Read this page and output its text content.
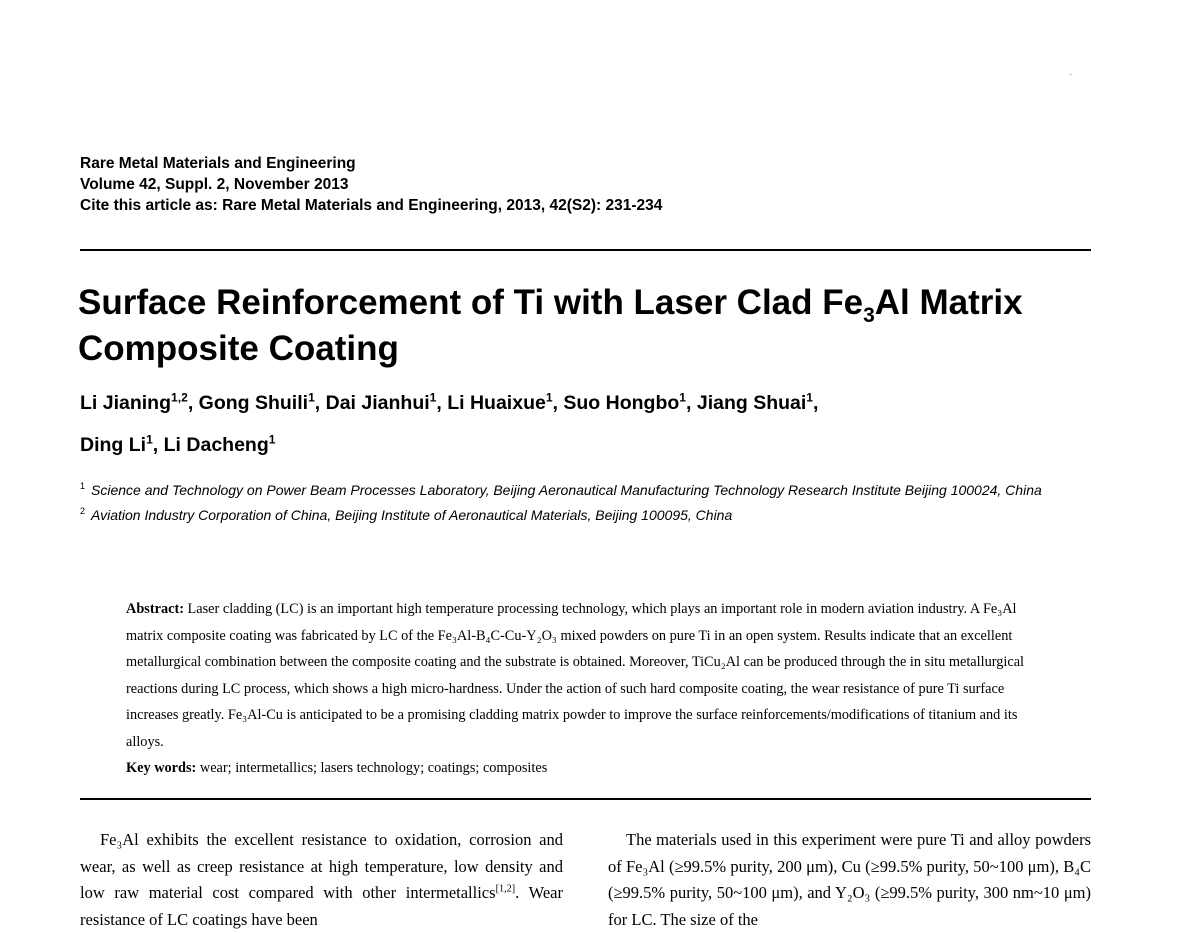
Rare Metal Materials and Engineering
Volume 42, Suppl. 2, November 2013
Cite this article as: Rare Metal Materials and Engineering, 2013, 42(S2): 231-234
Surface Reinforcement of Ti with Laser Clad $Fe_3Al$ Matrix Composite Coating
Li Jianing$^{1,2}$, Gong Shuili$^1$, Dai Jianhui$^1$, Li Huaixue$^1$, Suo Hongbo$^1$, Jiang Shuai$^1$,
Ding Li$^1$, Li Dacheng$^1$
1 Science and Technology on Power Beam Processes Laboratory, Beijing Aeronautical Manufacturing Technology Research Institute Beijing 100024, China
2 Aviation Industry Corporation of China, Beijing Institute of Aeronautical Materials, Beijing 100095, China
Abstract: Laser cladding (LC) is an important high temperature processing technology, which plays an important role in modern aviation industry. A Fe₃Al matrix composite coating was fabricated by LC of the Fe₃Al-B₄C-Cu-Y₂O₃ mixed powders on pure Ti in an open system. Results indicate that an excellent metallurgical combination between the composite coating and the substrate is obtained. Moreover, TiCu₂Al can be produced through the in situ metallurgical reactions during LC process, which shows a high micro-hardness. Under the action of such hard composite coating, the wear resistance of pure Ti surface increases greatly. Fe₃Al-Cu is anticipated to be a promising cladding matrix powder to improve the surface reinforcements/modifications of titanium and its alloys.
Key words: wear; intermetallics; lasers technology; coatings; composites

Fe₃Al exhibits the excellent resistance to oxidation, corrosion and wear, as well as creep resistance at high temperature, low density and low raw material cost compared with other intermetallics[1,2]. Wear resistance of LC coatings have been

The materials used in this experiment were pure Ti and alloy powders of Fe₃Al (≥99.5% purity, 200 μm), Cu (≥99.5% purity, 50~100 μm), B₄C (≥99.5% purity, 50~100 μm), and Y₂O₃ (≥99.5% purity, 300 nm~10 μm) for LC. The size of the
